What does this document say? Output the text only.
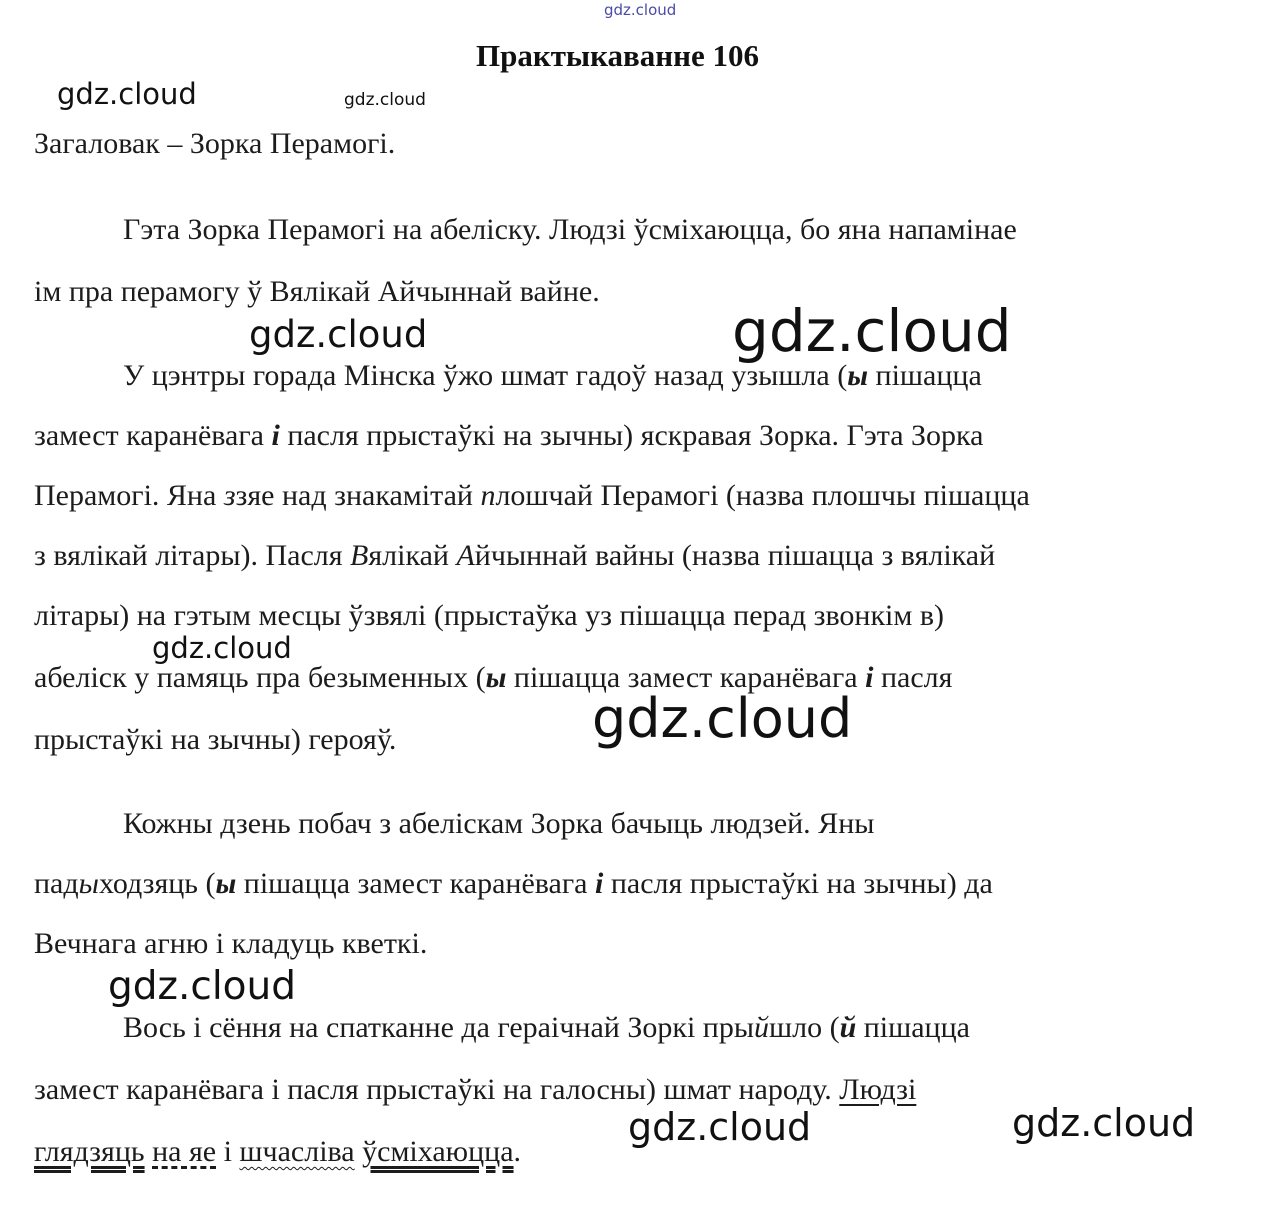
gdz.cloud
gdz.cloud	gdz.cloud
gdz.cloud	gdz.cloud
gdz.cloud
gdz.cloud
gdz.cloud
gdz.cloud	gdz.cloud
Практыкаванне 106
Загаловак – Зорка Перамогі.
Гэта Зорка Перамогі на абеліску. Людзі ўсміхаюцца, бо яна напамінае
ім пра перамогу ў Вялікай Айчыннай вайне.
У цэнтры горада Мінска ўжо шмат гадоў назад узышла (ы пішацца
замест каранёвага і пасля прыстаўкі на зычны) яскравая Зорка. Гэта Зорка
Перамогі. Яна ззяе над знакамітай плошчай Перамогі (назва плошчы пішацца
з вялікай літары). Пасля Вялікай Айчыннай вайны (назва пішацца з вялікай
літары) на гэтым месцы ўзвялі (прыстаўка уз пішацца перад звонкім в)
абеліск у памяць пра безыменных (ы пішацца замест каранёвага і пасля
прыстаўкі на зычны) герояў.
Кожны дзень побач з абеліскам Зорка бачыць людзей. Яны
падыходзяць (ы пішацца замест каранёвага і пасля прыстаўкі на зычны) да
Вечнага агню і кладуць кветкі.
Вось і сёння на спатканне да гераічнай Зоркі прыйшло (й пішацца
замест каранёвага і пасля прыстаўкі на галосны) шмат народу. Людзі
глядзяць на яе і шчасліва ўсміхаюцца.
